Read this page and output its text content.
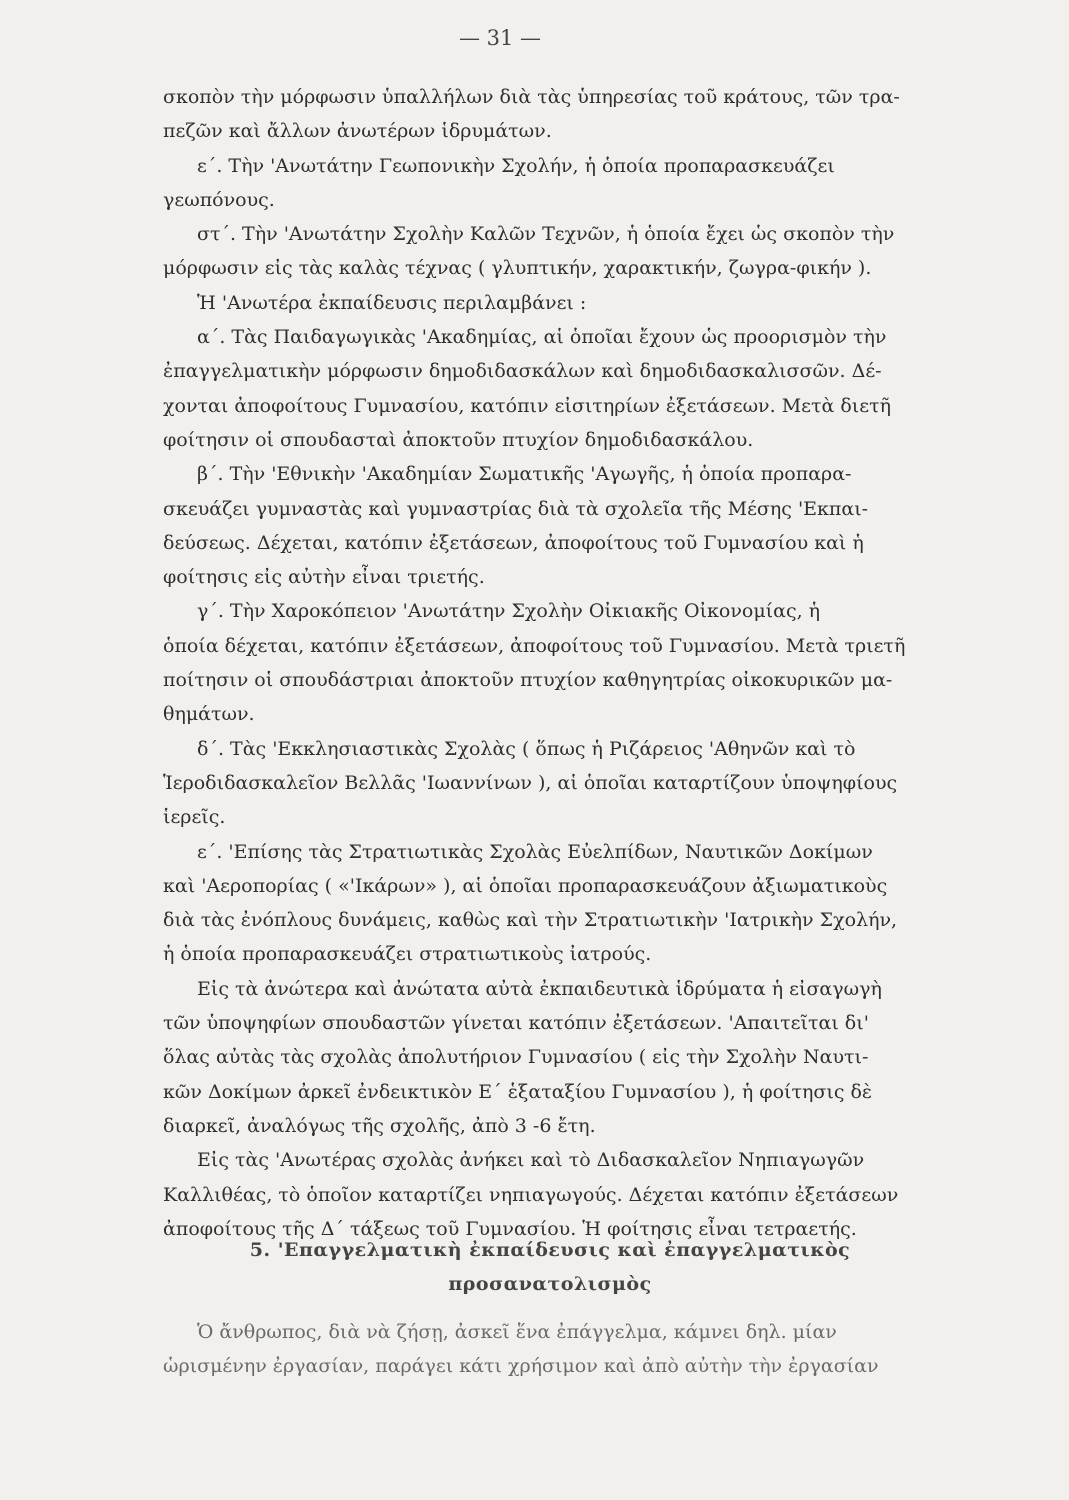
— 31 —

σκοπὸν τὴν μόρφωσιν ὑπαλλήλων διὰ τὰς ὑπηρεσίας τοῦ κράτους, τῶν τρα-
πεζῶν καὶ ἄλλων ἀνωτέρων ἱδρυμάτων.

ε΄. Τὴν 'Ανωτάτην Γεωπονικὴν Σχολήν, ἡ ὁποία προπαρασκευάζει
γεωπόνους.

στ΄. Τὴν 'Ανωτάτην Σχολὴν Καλῶν Τεχνῶν, ἡ ὁποία ἔχει ὡς σκοπὸν τὴν
μόρφωσιν εἰς τὰς καλὰς τέχνας ( γλυπτικήν, χαρακτικήν, ζωγρα-φικήν ).

Ἡ 'Ανωτέρα ἐκπαίδευσις περιλαμβάνει :

α΄. Τὰς Παιδαγωγικὰς 'Ακαδημίας, αἱ ὁποῖαι ἔχουν ὡς προορισμὸν τὴν
ἐπαγγελματικὴν μόρφωσιν δημοδιδασκάλων καὶ δημοδιδασκαλισσῶν. Δέ-
χονται ἀποφοίτους Γυμνασίου, κατόπιν εἰσιτηρίων ἐξετάσεων. Μετὰ διετῆ
φοίτησιν οἱ σπουδασταὶ ἀποκτοῦν πτυχίον δημοδιδασκάλου.

β΄. Τὴν 'Εθνικὴν 'Ακαδημίαν Σωματικῆς 'Αγωγῆς, ἡ ὁποία προπαρα-
σκευάζει γυμναστὰς καὶ γυμναστρίας διὰ τὰ σχολεῖα τῆς Μέσης 'Εκπαι-
δεύσεως. Δέχεται, κατόπιν ἐξετάσεων, ἀποφοίτους τοῦ Γυμνασίου καὶ ἡ
φοίτησις εἰς αὐτὴν εἶναι τριετής.

γ΄. Τὴν Χαροκόπειον 'Ανωτάτην Σχολὴν Οἰκιακῆς Οἰκονομίας, ἡ
ὁποία δέχεται, κατόπιν ἐξετάσεων, ἀποφοίτους τοῦ Γυμνασίου. Μετὰ τριετῆ
ποίτησιν οἱ σπουδάστριαι ἀποκτοῦν πτυχίον καθηγητρίας οἰκοκυρικῶν μα-
θημάτων.

δ΄. Τὰς 'Εκκλησιαστικὰς Σχολὰς ( ὅπως ἡ Ριζάρειος 'Αθηνῶν καὶ τὸ
Ἱεροδιδασκαλεῖον Βελλᾶς 'Ιωαννίνων ), αἱ ὁποῖαι καταρτίζουν ὑποψηφίους
ἱερεῖς.

ε΄. 'Επίσης τὰς Στρατιωτικὰς Σχολὰς Εὐελπίδων, Ναυτικῶν Δοκίμων
καὶ 'Αεροπορίας ( «'Ικάρων» ), αἱ ὁποῖαι προπαρασκευάζουν ἀξιωματικοὺς
διὰ τὰς ἐνόπλους δυνάμεις, καθὼς καὶ τὴν Στρατιωτικὴν 'Ιατρικὴν Σχολήν,
ἡ ὁποία προπαρασκευάζει στρατιωτικοὺς ἰατρούς.

Εἰς τὰ ἀνώτερα καὶ ἀνώτατα αὐτὰ ἐκπαιδευτικὰ ἱδρύματα ἡ εἰσαγωγὴ
τῶν ὑποψηφίων σπουδαστῶν γίνεται κατόπιν ἐξετάσεων. 'Απαιτεῖται δι'
ὅλας αὐτὰς τὰς σχολὰς ἀπολυτήριον Γυμνασίου ( εἰς τὴν Σχολὴν Ναυτι-
κῶν Δοκίμων ἀρκεῖ ἐνδεικτικὸν Ε΄ ἑξαταξίου Γυμνασίου ), ἡ φοίτησις δὲ
διαρκεῖ, ἀναλόγως τῆς σχολῆς, ἀπὸ 3 -6 ἔτη.

Εἰς τὰς 'Ανωτέρας σχολὰς ἀνήκει καὶ τὸ Διδασκαλεῖον Νηπιαγωγῶν
Καλλιθέας, τὸ ὁποῖον καταρτίζει νηπιαγωγούς. Δέχεται κατόπιν ἐξετάσεων
ἀποφοίτους τῆς Δ΄ τάξεως τοῦ Γυμνασίου. Ἡ φοίτησις εἶναι τετραετής.

5. 'Επαγγελματικὴ ἐκπαίδευσις καὶ ἐπαγγελματικὸς
προσανατολισμὸς
Ὁ ἄνθρωπος, διὰ νὰ ζήσῃ, ἀσκεῖ ἕνα ἐπάγγελμα, κάμνει δηλ. μίαν
ὡρισμένην ἐργασίαν, παράγει κάτι χρήσιμον καὶ ἀπὸ αὐτὴν τὴν ἐργασίαν
